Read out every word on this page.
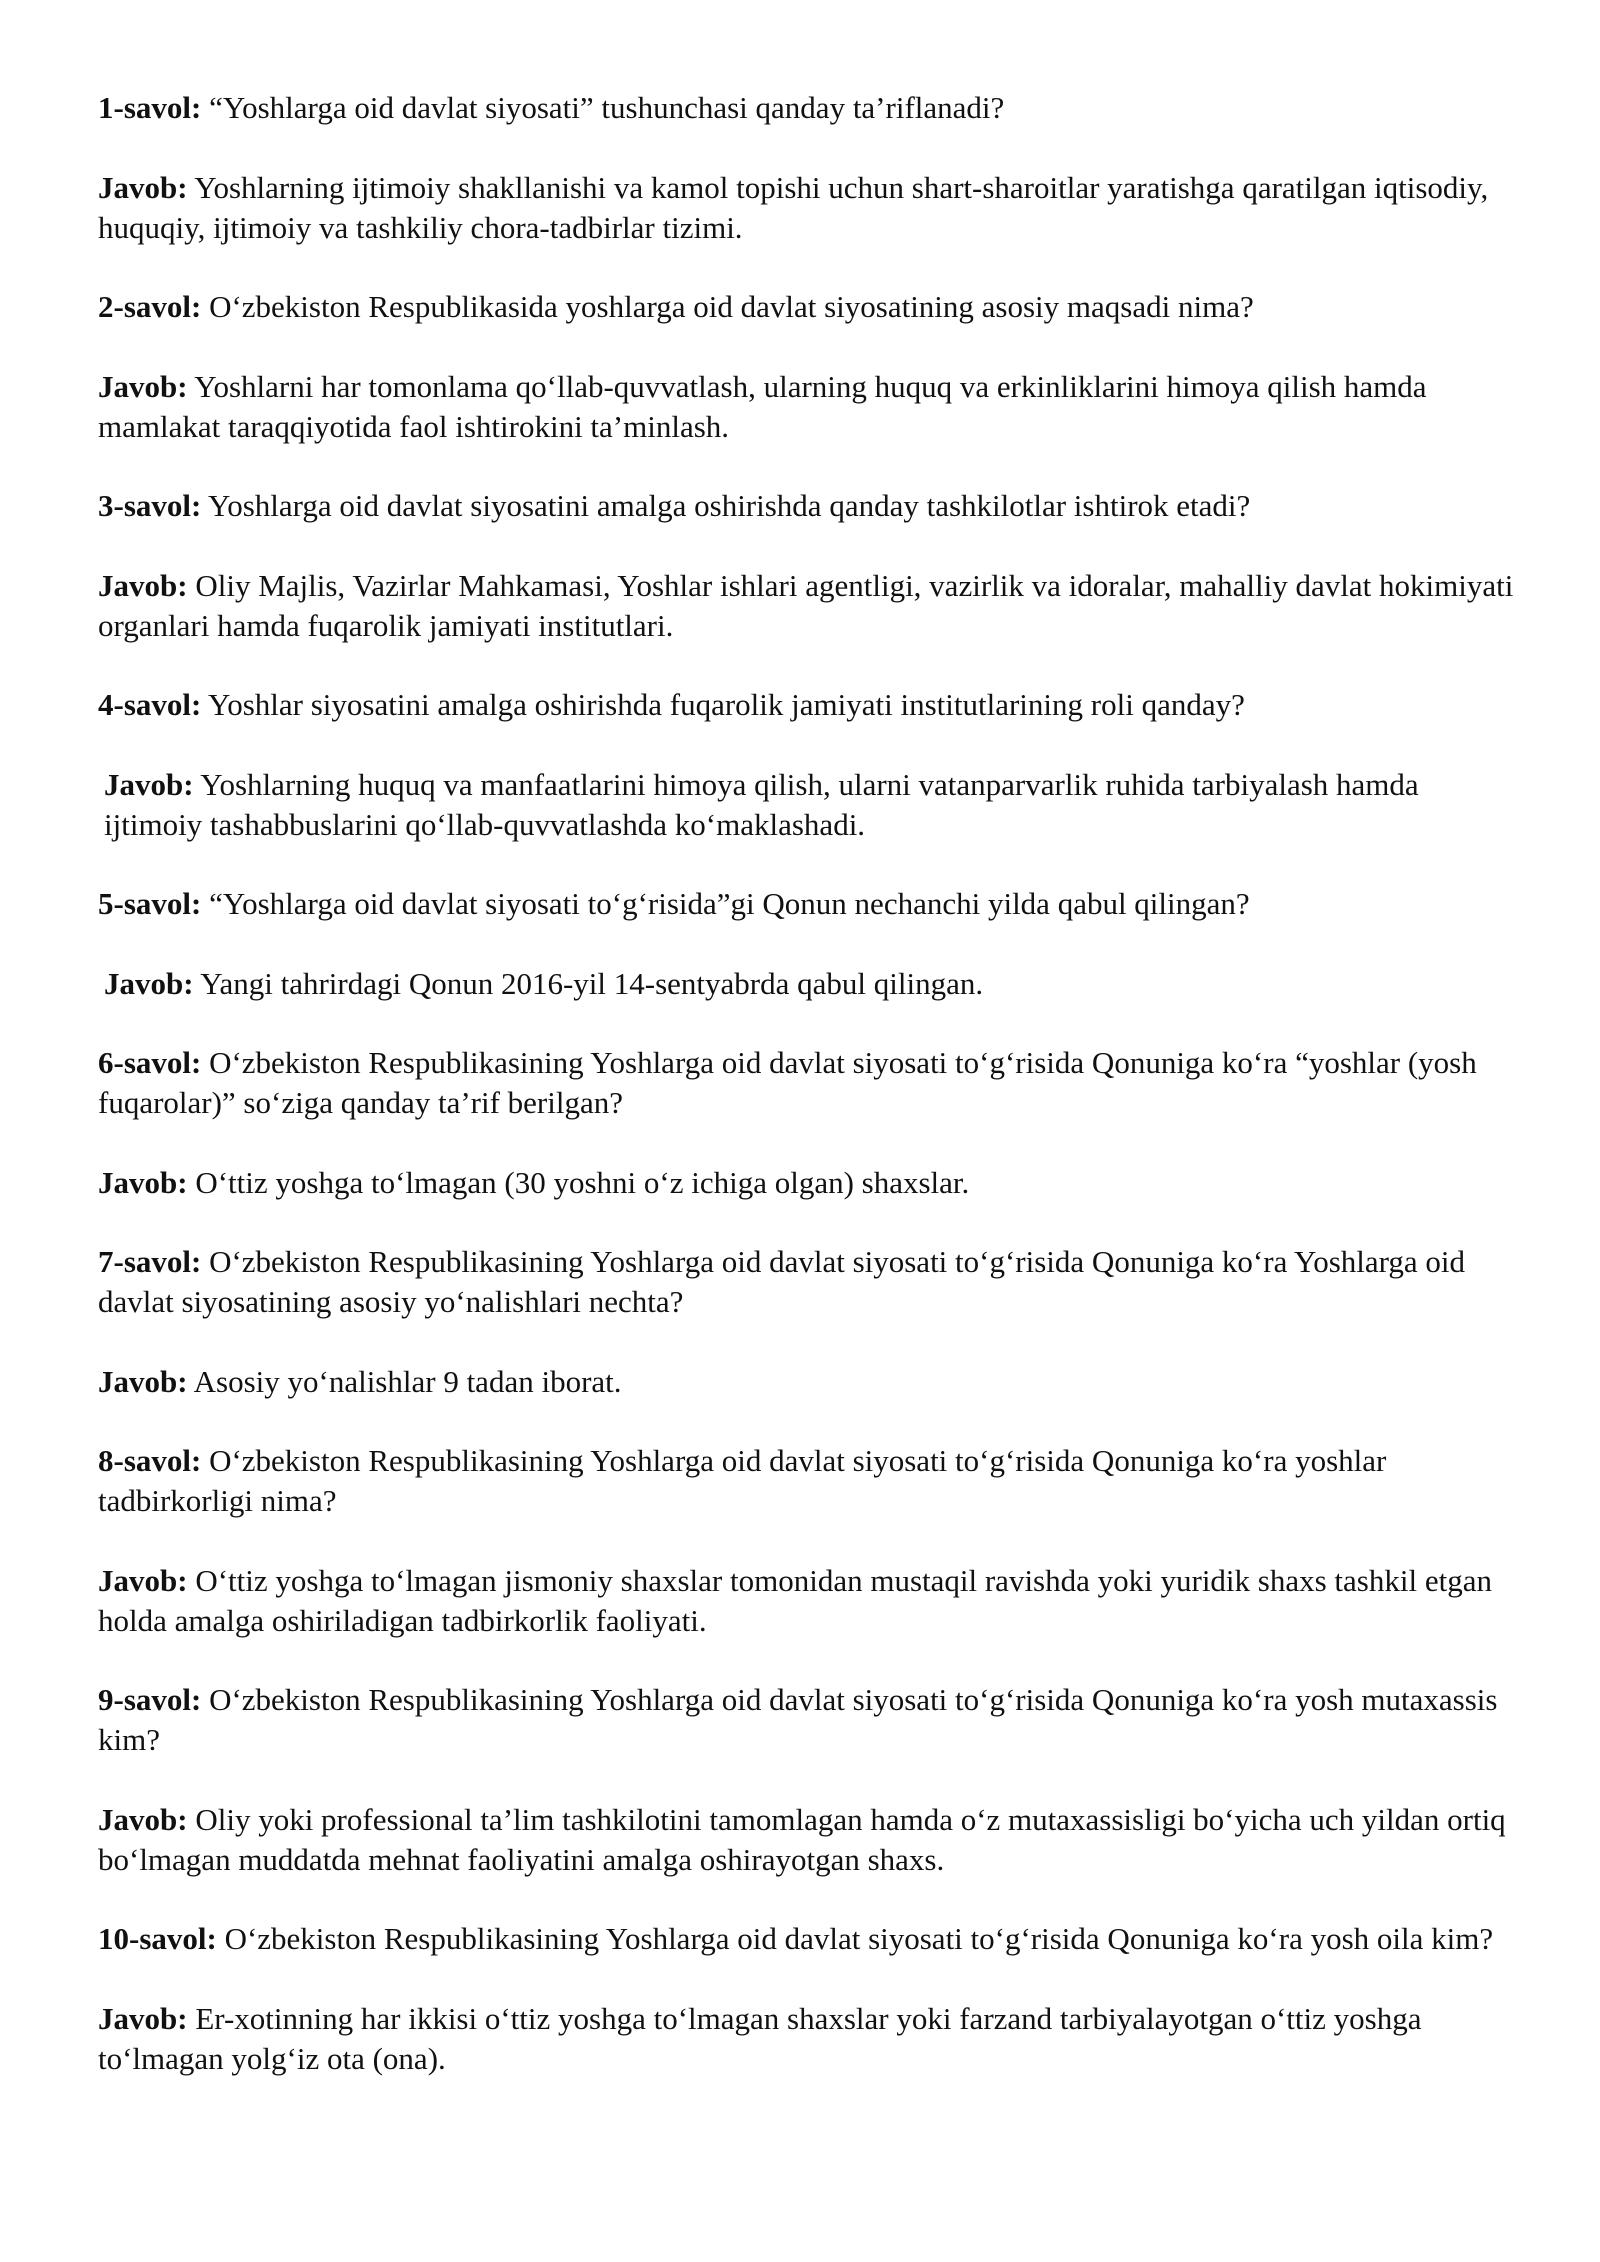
1-savol: “Yoshlarga oid davlat siyosati” tushunchasi qanday ta’riflanadi?

Javob: Yoshlarning ijtimoiy shakllanishi va kamol topishi uchun shart-sharoitlar yaratishga qaratilgan iqtisodiy, huquqiy, ijtimoiy va tashkiliy chora-tadbirlar tizimi.

2-savol: O‘zbekiston Respublikasida yoshlarga oid davlat siyosatining asosiy maqsadi nima?

Javob: Yoshlarni har tomonlama qo‘llab-quvvatlash, ularning huquq va erkinliklarini himoya qilish hamda mamlakat taraqqiyotida faol ishtirokini ta’minlash.

3-savol: Yoshlarga oid davlat siyosatini amalga oshirishda qanday tashkilotlar ishtirok etadi?

Javob: Oliy Majlis, Vazirlar Mahkamasi, Yoshlar ishlari agentligi, vazirlik va idoralar, mahalliy davlat hokimiyati organlari hamda fuqarolik jamiyati institutlari.

4-savol: Yoshlar siyosatini amalga oshirishda fuqarolik jamiyati institutlarining roli qanday?

Javob: Yoshlarning huquq va manfaatlarini himoya qilish, ularni vatanparvarlik ruhida tarbiyalash hamda ijtimoiy tashabbuslarini qo‘llab-quvvatlashda ko‘maklashadi.

5-savol: “Yoshlarga oid davlat siyosati to‘g‘risida”gi Qonun nechanchi yilda qabul qilingan?

Javob: Yangi tahrirdagi Qonun 2016-yil 14-sentyabrda qabul qilingan.

6-savol: O‘zbekiston Respublikasining Yoshlarga oid davlat siyosati to‘g‘risida Qonuniga ko‘ra “yoshlar (yosh fuqarolar)” so‘ziga qanday ta’rif berilgan?

Javob: O‘ttiz yoshga to‘lmagan (30 yoshni o‘z ichiga olgan) shaxslar.

7-savol: O‘zbekiston Respublikasining Yoshlarga oid davlat siyosati to‘g‘risida Qonuniga ko‘ra Yoshlarga oid davlat siyosatining asosiy yo‘nalishlari nechta?

Javob: Asosiy yo‘nalishlar 9 tadan iborat.

8-savol: O‘zbekiston Respublikasining Yoshlarga oid davlat siyosati to‘g‘risida Qonuniga ko‘ra yoshlar tadbirkorligi nima?

Javob: O‘ttiz yoshga to‘lmagan jismoniy shaxslar tomonidan mustaqil ravishda yoki yuridik shaxs tashkil etgan holda amalga oshiriladigan tadbirkorlik faoliyati.

9-savol: O‘zbekiston Respublikasining Yoshlarga oid davlat siyosati to‘g‘risida Qonuniga ko‘ra yosh mutaxassis kim?

Javob: Oliy yoki professional ta’lim tashkilotini tamomlagan hamda o‘z mutaxassisligi bo‘yicha uch yildan ortiq bo‘lmagan muddatda mehnat faoliyatini amalga oshirayotgan shaxs.

10-savol: O‘zbekiston Respublikasining Yoshlarga oid davlat siyosati to‘g‘risida Qonuniga ko‘ra yosh oila kim?

Javob: Er-xotinning har ikkisi o‘ttiz yoshga to‘lmagan shaxslar yoki farzand tarbiyalayotgan o‘ttiz yoshga to‘lmagan yolg‘iz ota (ona).
